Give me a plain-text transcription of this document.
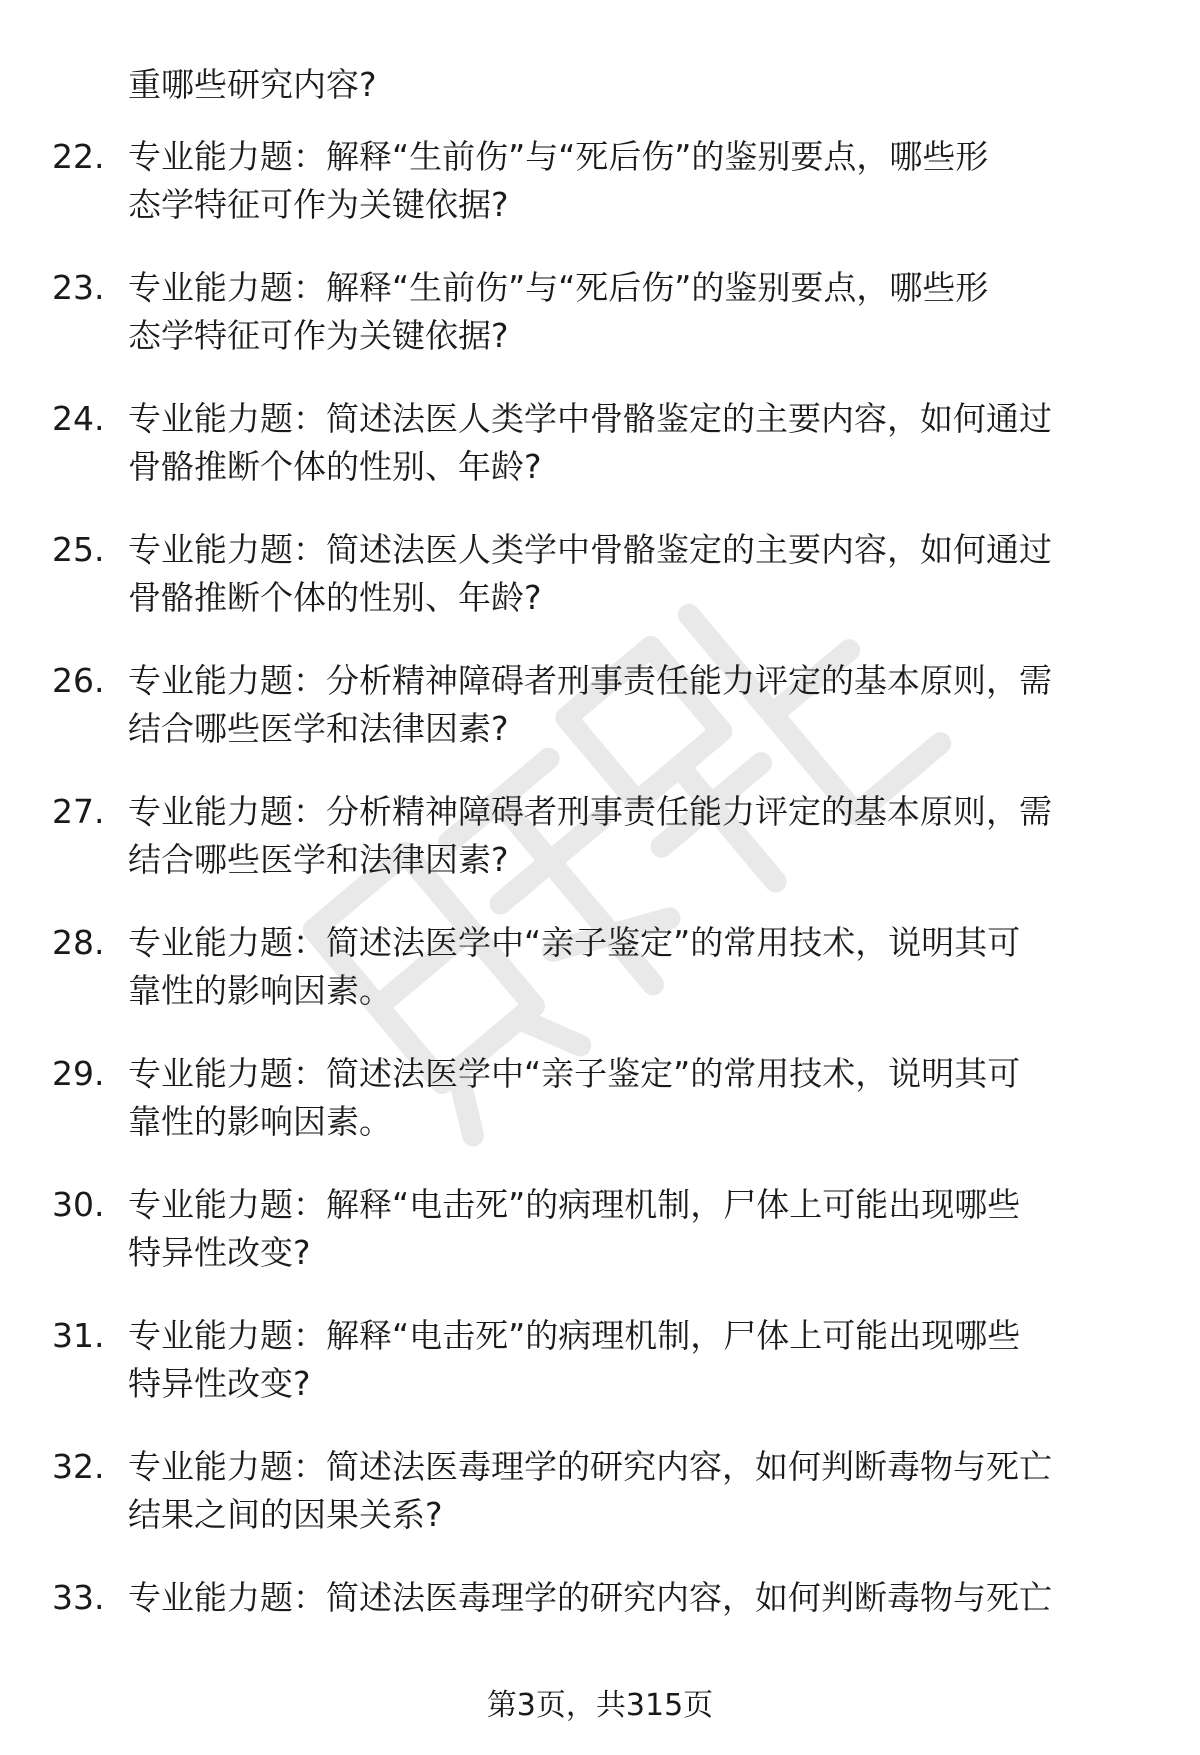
重哪些研究内容?
22. 专业能力题：解释“生前伤”与“死后伤”的鉴别要点，哪些形
态学特征可作为关键依据?
23. 专业能力题：解释“生前伤”与“死后伤”的鉴别要点，哪些形
态学特征可作为关键依据?
24. 专业能力题：简述法医人类学中骨骼鉴定的主要内容，如何通过
骨骼推断个体的性别、年龄?
25. 专业能力题：简述法医人类学中骨骼鉴定的主要内容，如何通过
骨骼推断个体的性别、年龄?
26. 专业能力题：分析精神障碍者刑事责任能力评定的基本原则，需
结合哪些医学和法律因素?
27. 专业能力题：分析精神障碍者刑事责任能力评定的基本原则，需
结合哪些医学和法律因素?
28. 专业能力题：简述法医学中“亲子鉴定”的常用技术，说明其可
靠性的影响因素。
29. 专业能力题：简述法医学中“亲子鉴定”的常用技术，说明其可
靠性的影响因素。
30. 专业能力题：解释“电击死”的病理机制，尸体上可能出现哪些
特异性改变?
31. 专业能力题：解释“电击死”的病理机制，尸体上可能出现哪些
特异性改变?
32. 专业能力题：简述法医毒理学的研究内容，如何判断毒物与死亡
结果之间的因果关系?
33. 专业能力题：简述法医毒理学的研究内容，如何判断毒物与死亡
第3页，共315页
